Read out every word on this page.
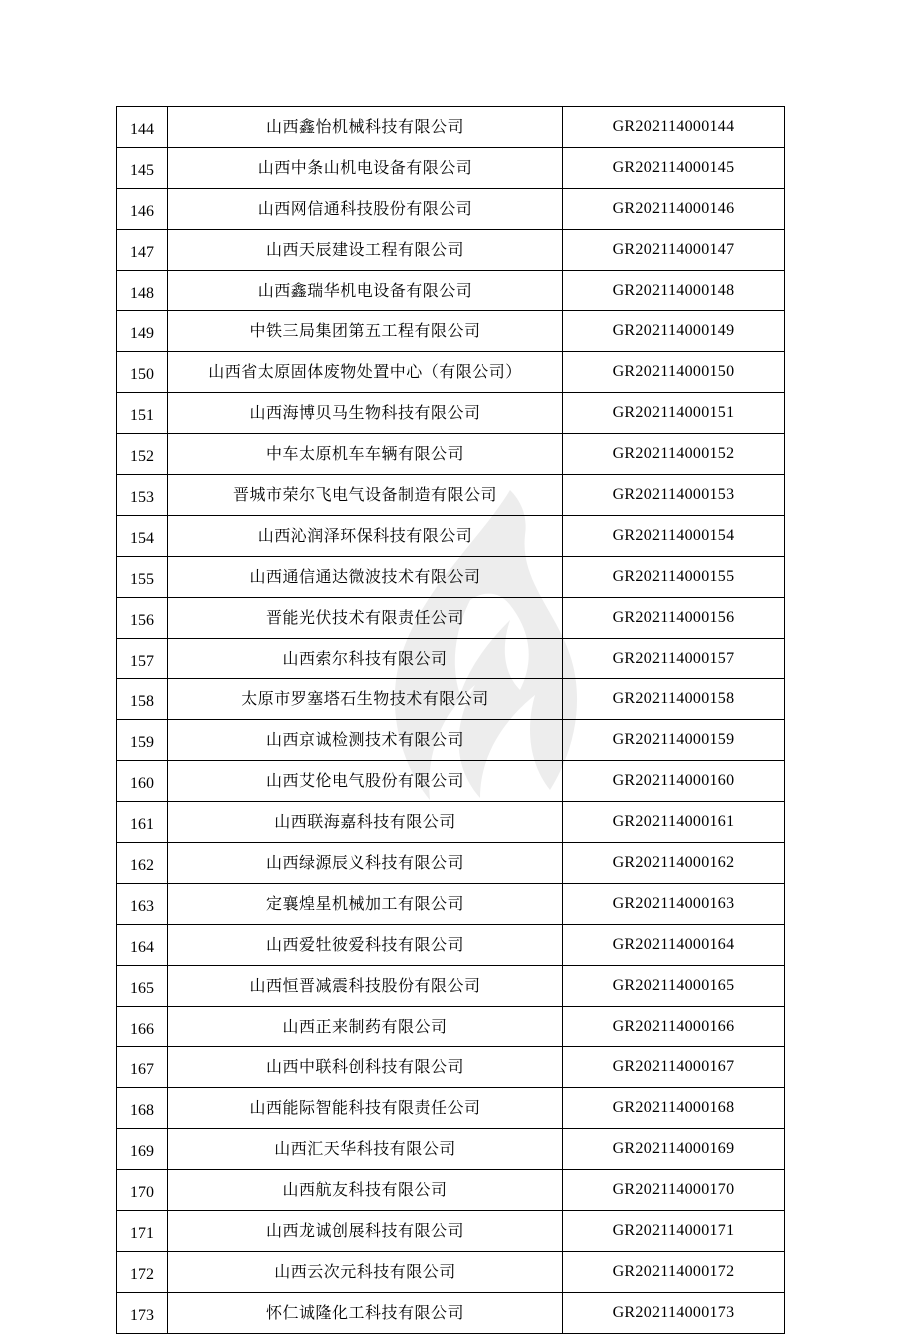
144	山西鑫怡机械科技有限公司	GR202114000144
145	山西中条山机电设备有限公司	GR202114000145
146	山西网信通科技股份有限公司	GR202114000146
147	山西天辰建设工程有限公司	GR202114000147
148	山西鑫瑞华机电设备有限公司	GR202114000148
149	中铁三局集团第五工程有限公司	GR202114000149
150	山西省太原固体废物处置中心（有限公司）	GR202114000150
151	山西海博贝马生物科技有限公司	GR202114000151
152	中车太原机车车辆有限公司	GR202114000152
153	晋城市荣尔飞电气设备制造有限公司	GR202114000153
154	山西沁润泽环保科技有限公司	GR202114000154
155	山西通信通达微波技术有限公司	GR202114000155
156	晋能光伏技术有限责任公司	GR202114000156
157	山西索尔科技有限公司	GR202114000157
158	太原市罗塞塔石生物技术有限公司	GR202114000158
159	山西京诚检测技术有限公司	GR202114000159
160	山西艾伦电气股份有限公司	GR202114000160
161	山西联海嘉科技有限公司	GR202114000161
162	山西绿源辰义科技有限公司	GR202114000162
163	定襄煌星机械加工有限公司	GR202114000163
164	山西爱牡彼爱科技有限公司	GR202114000164
165	山西恒晋减震科技股份有限公司	GR202114000165
166	山西正来制药有限公司	GR202114000166
167	山西中联科创科技有限公司	GR202114000167
168	山西能际智能科技有限责任公司	GR202114000168
169	山西汇天华科技有限公司	GR202114000169
170	山西航友科技有限公司	GR202114000170
171	山西龙诚创展科技有限公司	GR202114000171
172	山西云次元科技有限公司	GR202114000172
173	怀仁诚隆化工科技有限公司	GR202114000173
